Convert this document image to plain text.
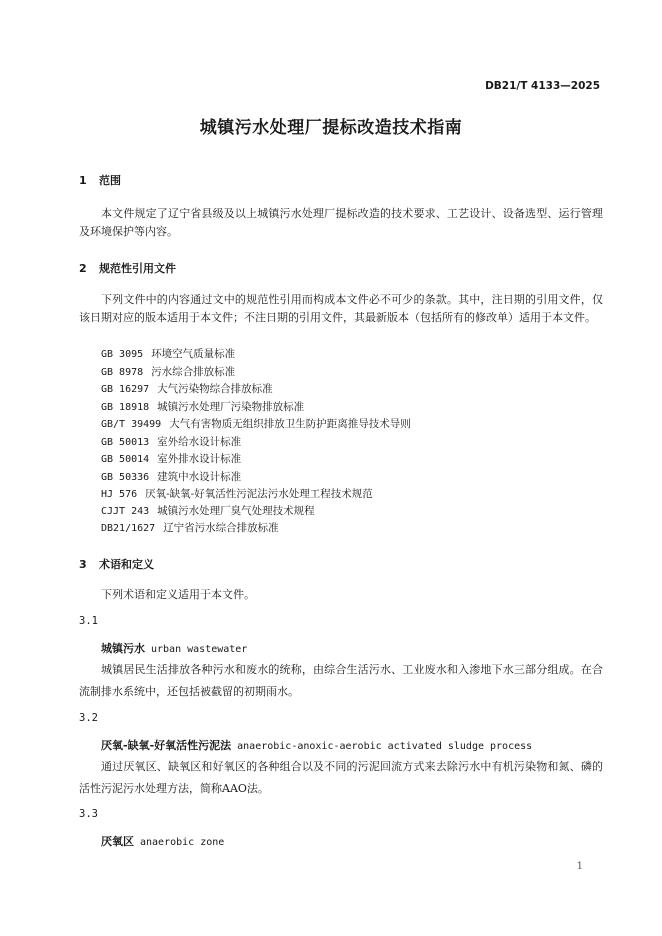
DB21/T 4133—2025
城镇污水处理厂提标改造技术指南
1 范围
本文件规定了辽宁省县级及以上城镇污水处理厂提标改造的技术要求、工艺设计、设备选型、运行管理及环境保护等内容。
2 规范性引用文件
下列文件中的内容通过文中的规范性引用而构成本文件必不可少的条款。其中，注日期的引用文件，仅该日期对应的版本适用于本文件；不注日期的引用文件，其最新版本（包括所有的修改单）适用于本文件。
GB 3095 环境空气质量标准
GB 8978 污水综合排放标准
GB 16297 大气污染物综合排放标准
GB 18918 城镇污水处理厂污染物排放标准
GB/T 39499 大气有害物质无组织排放卫生防护距离推导技术导则
GB 50013 室外给水设计标准
GB 50014 室外排水设计标准
GB 50336 建筑中水设计标准
HJ 576 厌氧-缺氧-好氧活性污泥法污水处理工程技术规范
CJJT 243 城镇污水处理厂臭气处理技术规程
DB21/1627 辽宁省污水综合排放标准
3 术语和定义
下列术语和定义适用于本文件。
3.1
城镇污水 urban wastewater
城镇居民生活排放各种污水和废水的统称，由综合生活污水、工业废水和入渗地下水三部分组成。在合流制排水系统中，还包括被截留的初期雨水。
3.2
厌氧-缺氧-好氧活性污泥法 anaerobic-anoxic-aerobic activated sludge process
通过厌氧区、缺氧区和好氧区的各种组合以及不同的污泥回流方式来去除污水中有机污染物和氮、磷的活性污泥污水处理方法，简称AAO法。
3.3
厌氧区 anaerobic zone
1
